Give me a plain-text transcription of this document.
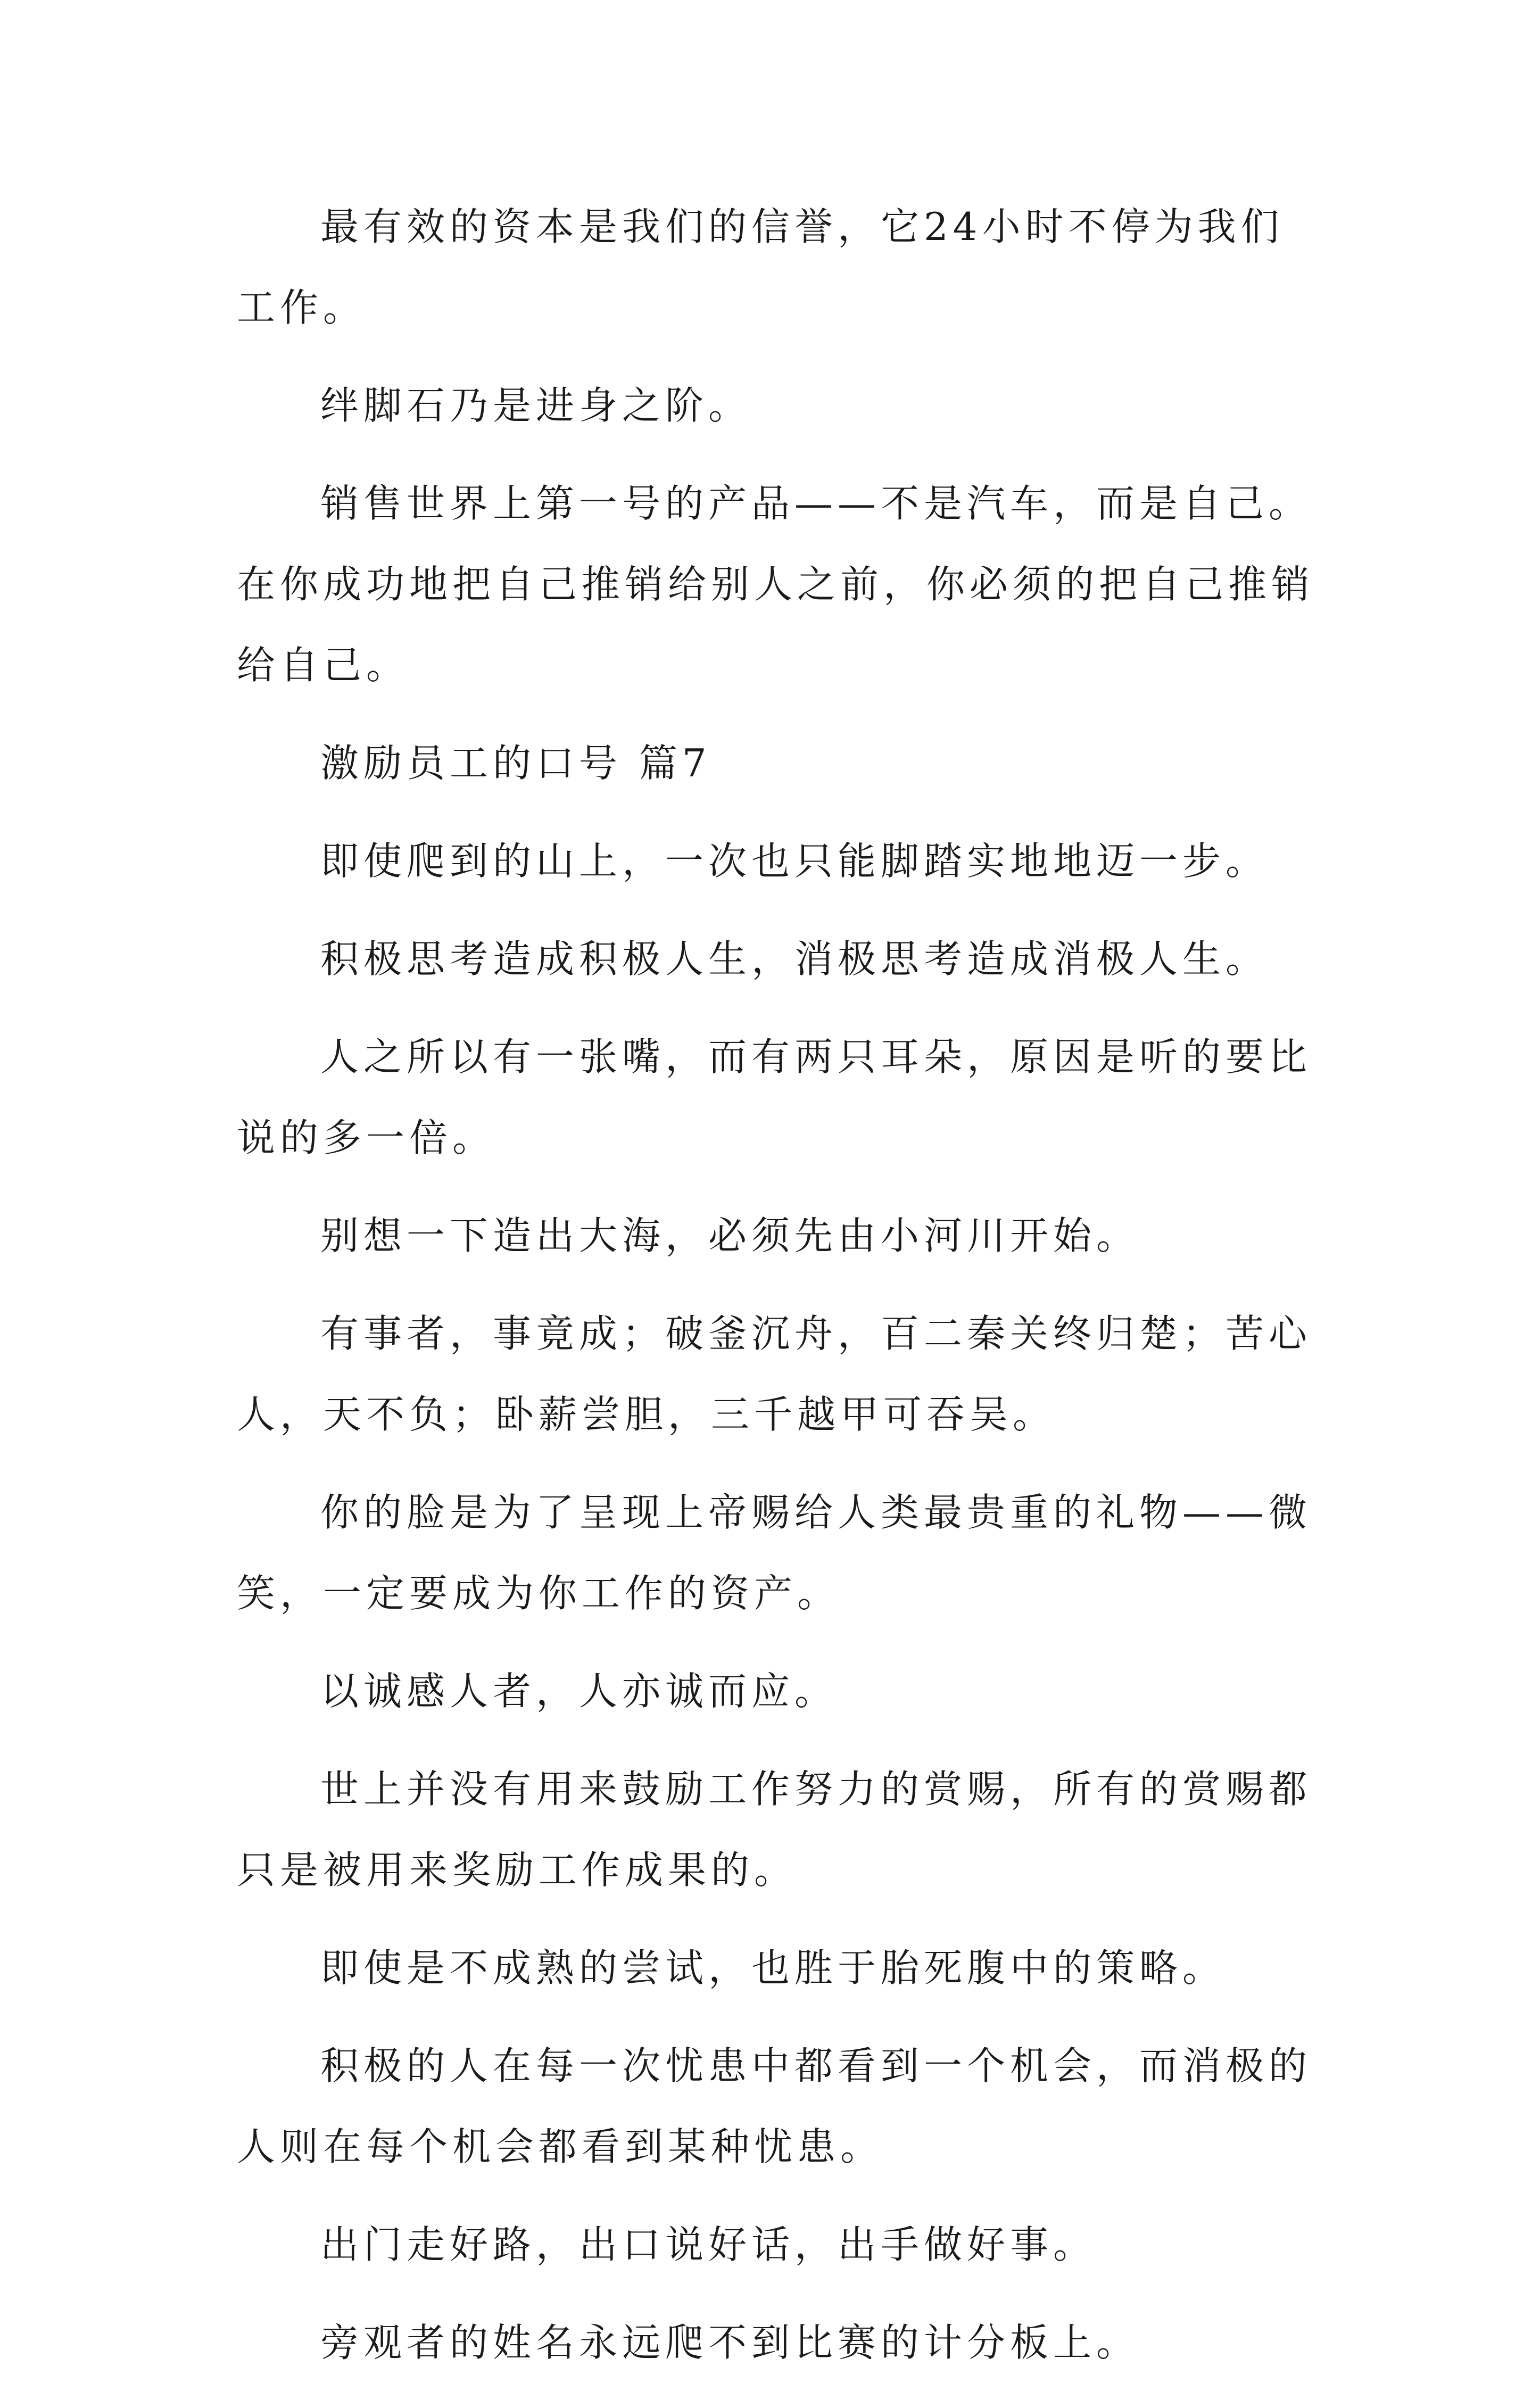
最有效的资本是我们的信誉，它24小时不停为我们工作。

绊脚石乃是进身之阶。

销售世界上第一号的产品——不是汽车，而是自己。在你成功地把自己推销给别人之前，你必须的把自己推销给自己。

激励员工的口号 篇7

即使爬到的山上，一次也只能脚踏实地地迈一步。

积极思考造成积极人生，消极思考造成消极人生。

人之所以有一张嘴，而有两只耳朵，原因是听的要比说的多一倍。

别想一下造出大海，必须先由小河川开始。

有事者，事竟成；破釜沉舟，百二秦关终归楚；苦心人，天不负；卧薪尝胆，三千越甲可吞吴。

你的脸是为了呈现上帝赐给人类最贵重的礼物——微笑，一定要成为你工作的资产。

以诚感人者，人亦诚而应。

世上并没有用来鼓励工作努力的赏赐，所有的赏赐都只是被用来奖励工作成果的。

即使是不成熟的尝试，也胜于胎死腹中的策略。

积极的人在每一次忧患中都看到一个机会，而消极的人则在每个机会都看到某种忧患。

出门走好路，出口说好话，出手做好事。

旁观者的姓名永远爬不到比赛的计分板上。
